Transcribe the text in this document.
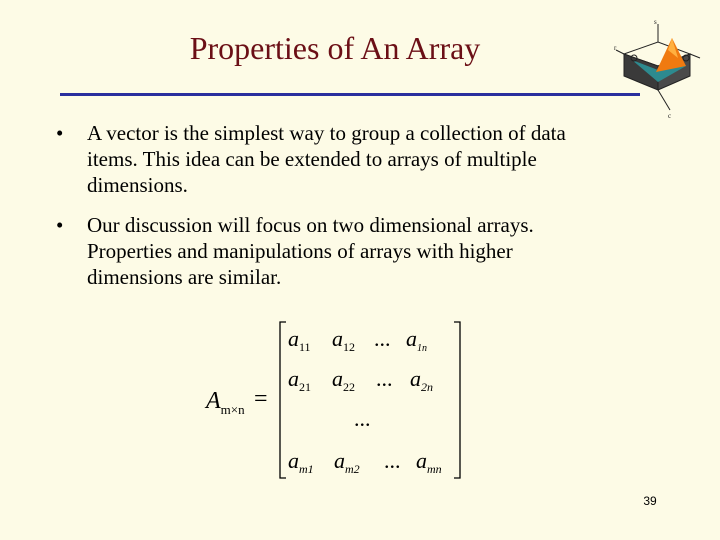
Properties of An Array
s
r
c
• A vector is the simplest way to group a collection of data
items. This idea can be extended to arrays of multiple
dimensions.
• Our discussion will focus on two dimensional arrays.
Properties and manipulations of arrays with higher
dimensions are similar.
$A_{m\times n}$ =
$a_{11}$ $a_{12}$ ... $a_{1n}$
$a_{21}$ $a_{22}$ ... $a_{2n}$
...
$a_{m1}$ $a_{m2}$ ... $a_{mn}$
39
